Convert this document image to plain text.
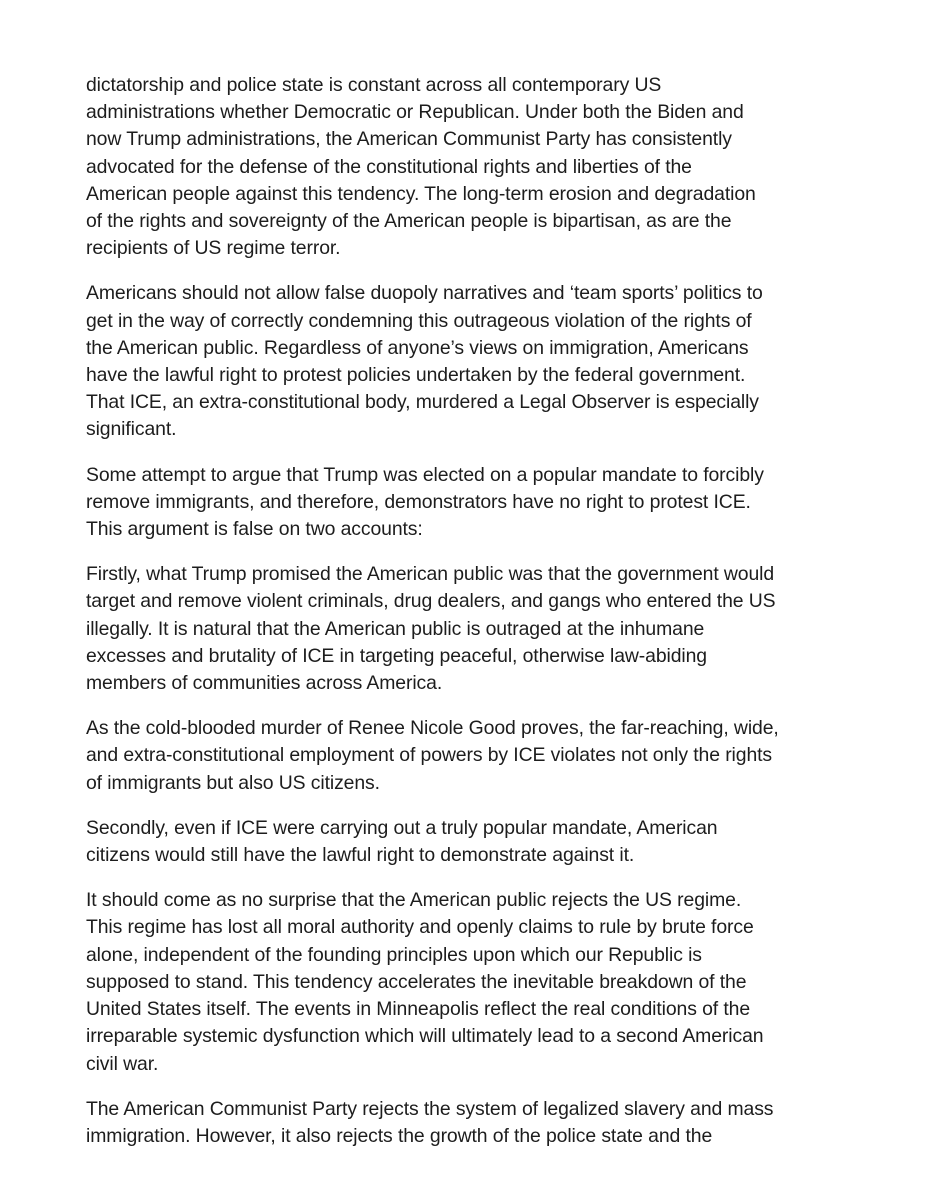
dictatorship and police state is constant across all contemporary US
administrations whether Democratic or Republican. Under both the Biden and
now Trump administrations, the American Communist Party has consistently
advocated for the defense of the constitutional rights and liberties of the
American people against this tendency. The long-term erosion and degradation
of the rights and sovereignty of the American people is bipartisan, as are the
recipients of US regime terror.

Americans should not allow false duopoly narratives and ‘team sports’ politics to
get in the way of correctly condemning this outrageous violation of the rights of
the American public. Regardless of anyone’s views on immigration, Americans
have the lawful right to protest policies undertaken by the federal government.
That ICE, an extra-constitutional body, murdered a Legal Observer is especially
significant.

Some attempt to argue that Trump was elected on a popular mandate to forcibly
remove immigrants, and therefore, demonstrators have no right to protest ICE.
This argument is false on two accounts:

Firstly, what Trump promised the American public was that the government would
target and remove violent criminals, drug dealers, and gangs who entered the US
illegally. It is natural that the American public is outraged at the inhumane
excesses and brutality of ICE in targeting peaceful, otherwise law-abiding
members of communities across America.

As the cold-blooded murder of Renee Nicole Good proves, the far-reaching, wide,
and extra-constitutional employment of powers by ICE violates not only the rights
of immigrants but also US citizens.

Secondly, even if ICE were carrying out a truly popular mandate, American
citizens would still have the lawful right to demonstrate against it.

It should come as no surprise that the American public rejects the US regime.
This regime has lost all moral authority and openly claims to rule by brute force
alone, independent of the founding principles upon which our Republic is
supposed to stand. This tendency accelerates the inevitable breakdown of the
United States itself. The events in Minneapolis reflect the real conditions of the
irreparable systemic dysfunction which will ultimately lead to a second American
civil war.

The American Communist Party rejects the system of legalized slavery and mass
immigration. However, it also rejects the growth of the police state and the
